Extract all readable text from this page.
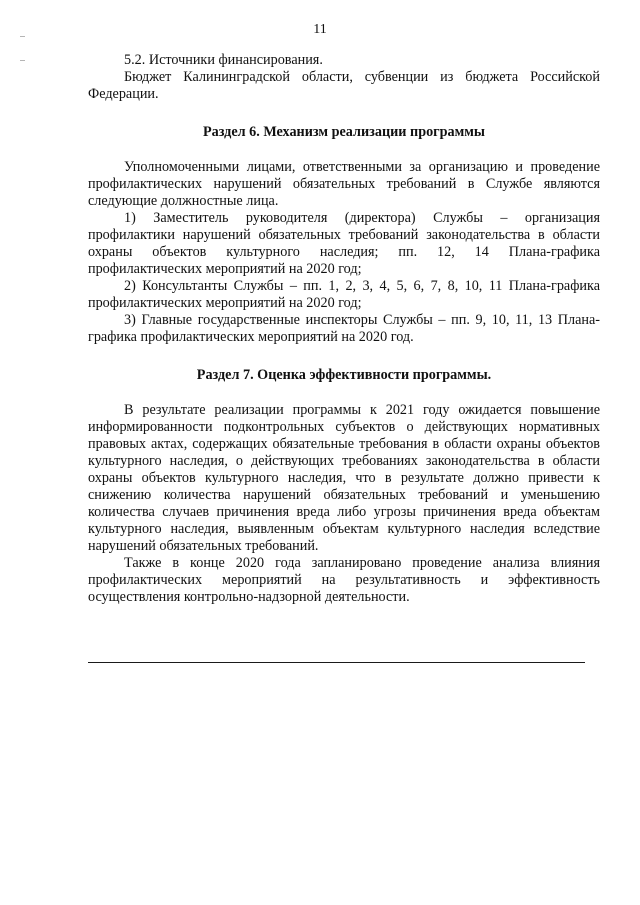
11

5.2. Источники финансирования.

Бюджет Калининградской области, субвенции из бюджета Российской Федерации.

Раздел 6. Механизм реализации программы

Уполномоченными лицами, ответственными за организацию и проведение профилактических нарушений обязательных требований в Службе являются следующие должностные лица.

1) Заместитель руководителя (директора) Службы – организация профилактики нарушений обязательных требований законодательства в области охраны объектов культурного наследия; пп. 12, 14 Плана-графика профилактических мероприятий на 2020 год;

2) Консультанты Службы – пп. 1, 2, 3, 4, 5, 6, 7, 8, 10, 11 Плана-графика профилактических мероприятий на 2020 год;

3) Главные государственные инспекторы Службы – пп. 9, 10, 11, 13 Плана-графика профилактических мероприятий на 2020 год.

Раздел 7. Оценка эффективности программы.

В результате реализации программы к 2021 году ожидается повышение информированности подконтрольных субъектов о действующих нормативных правовых актах, содержащих обязательные требования в области охраны объектов культурного наследия, о действующих требованиях законодательства в области охраны объектов культурного наследия, что в результате должно привести к снижению количества нарушений обязательных требований и уменьшению количества случаев причинения вреда либо угрозы причинения вреда объектам культурного наследия, выявленным объектам культурного наследия вследствие нарушений обязательных требований.

Также в конце 2020 года запланировано проведение анализа влияния профилактических мероприятий на результативность и эффективность осуществления контрольно-надзорной деятельности.
